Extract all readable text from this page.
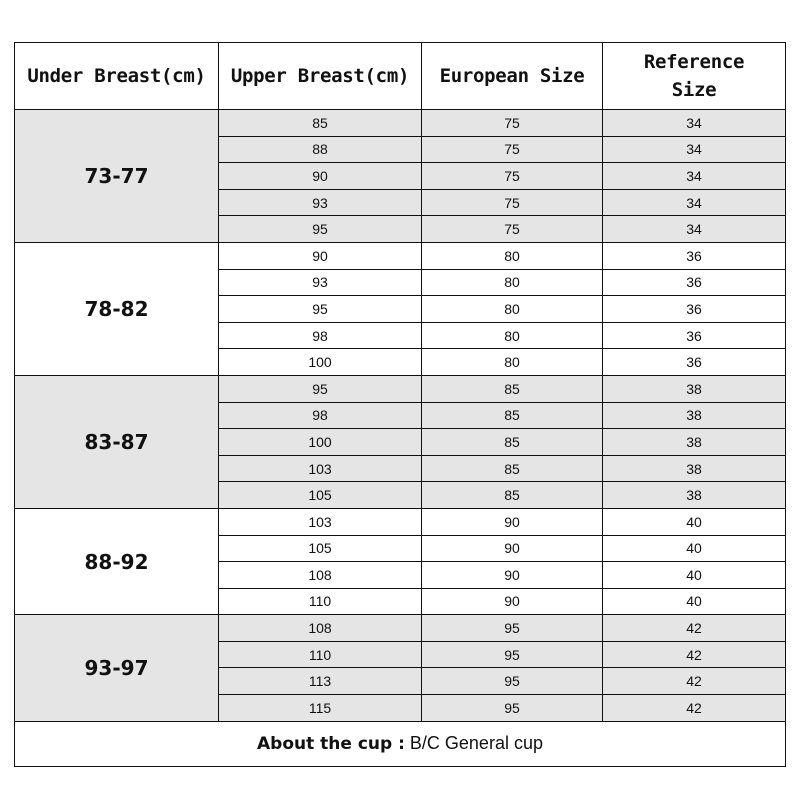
Under Breast(cm)	Upper Breast(cm)	European Size	Reference Size
73-77	85	75	34
	88	75	34
	90	75	34
	93	75	34
	95	75	34
78-82	90	80	36
	93	80	36
	95	80	36
	98	80	36
	100	80	36
83-87	95	85	38
	98	85	38
	100	85	38
	103	85	38
	105	85	38
88-92	103	90	40
	105	90	40
	108	90	40
	110	90	40
93-97	108	95	42
	110	95	42
	113	95	42
	115	95	42
About the cup : B/C General cup			
